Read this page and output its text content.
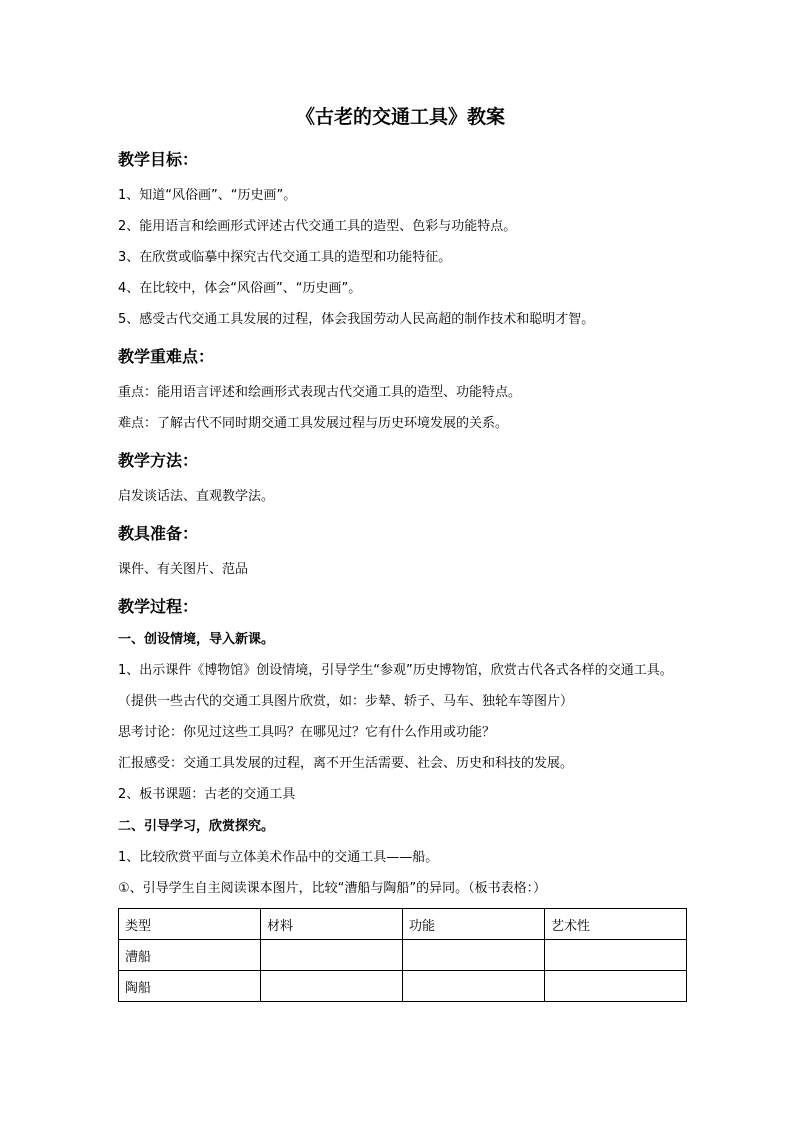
《古老的交通工具》教案
教学目标：

1、知道“风俗画”、“历史画”。

2、能用语言和绘画形式评述古代交通工具的造型、色彩与功能特点。

3、在欣赏或临摹中探究古代交通工具的造型和功能特征。

4、在比较中，体会“风俗画”、“历史画”。

5、感受古代交通工具发展的过程，体会我国劳动人民高超的制作技术和聪明才智。

教学重难点：

重点：能用语言评述和绘画形式表现古代交通工具的造型、功能特点。

难点：了解古代不同时期交通工具发展过程与历史环境发展的关系。

教学方法：

启发谈话法、直观教学法。

教具准备：

课件、有关图片、范品

教学过程：
一、创设情境，导入新课。

1、出示课件《博物馆》创设情境，引导学生“参观”历史博物馆，欣赏古代各式各样的交通工具。（提供一些古代的交通工具图片欣赏，如：步辇、轿子、马车、独轮车等图片）

思考讨论：你见过这些工具吗？在哪见过？它有什么作用或功能？

汇报感受：交通工具发展的过程，离不开生活需要、社会、历史和科技的发展。

2、板书课题：古老的交通工具

二、引导学习，欣赏探究。

1、比较欣赏平面与立体美术作品中的交通工具——船。

①、引导学生自主阅读课本图片，比较“漕船与陶船”的异同。（板书表格：）

类型	材料	功能	艺术性
漕船			
陶船			
